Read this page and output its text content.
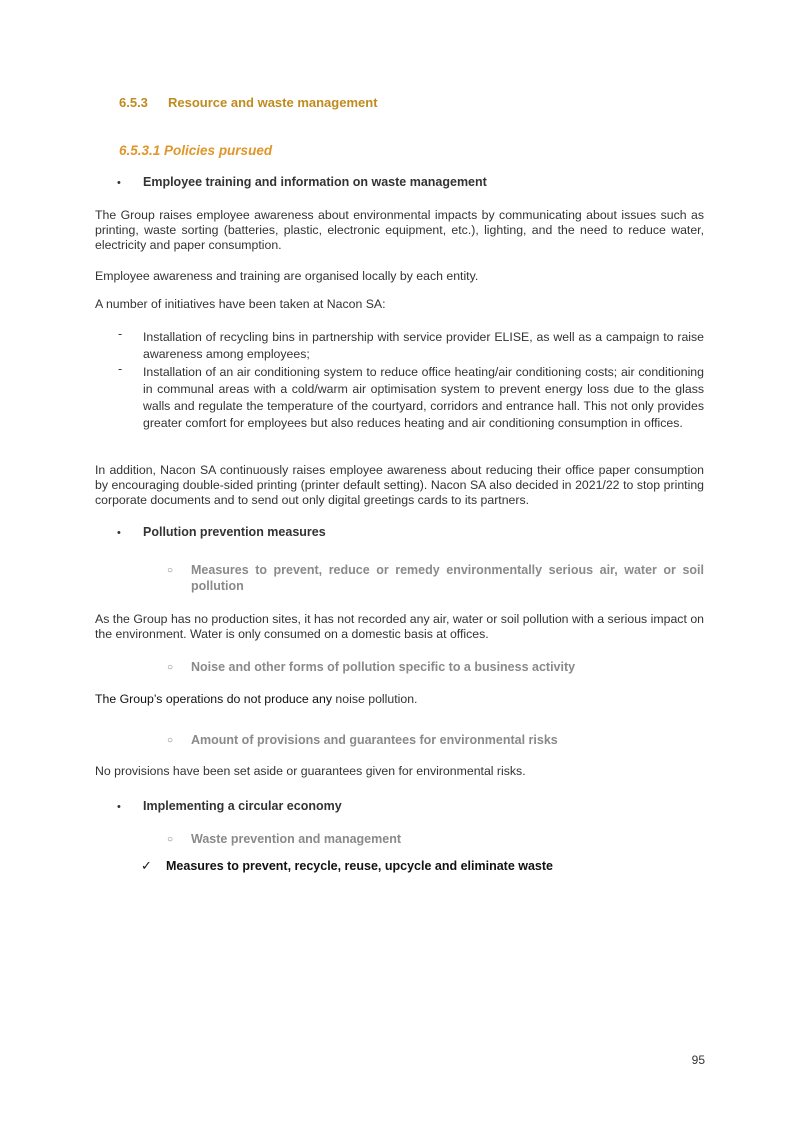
6.5.3 Resource and waste management
6.5.3.1 Policies pursued
• Employee training and information on waste management
The Group raises employee awareness about environmental impacts by communicating about issues such as printing, waste sorting (batteries, plastic, electronic equipment, etc.), lighting, and the need to reduce water, electricity and paper consumption.
Employee awareness and training are organised locally by each entity.
A number of initiatives have been taken at Nacon SA:
- Installation of recycling bins in partnership with service provider ELISE, as well as a campaign to raise awareness among employees;
- Installation of an air conditioning system to reduce office heating/air conditioning costs; air conditioning in communal areas with a cold/warm air optimisation system to prevent energy loss due to the glass walls and regulate the temperature of the courtyard, corridors and entrance hall. This not only provides greater comfort for employees but also reduces heating and air conditioning consumption in offices.
In addition, Nacon SA continuously raises employee awareness about reducing their office paper consumption by encouraging double-sided printing (printer default setting). Nacon SA also decided in 2021/22 to stop printing corporate documents and to send out only digital greetings cards to its partners.
• Pollution prevention measures
○ Measures to prevent, reduce or remedy environmentally serious air, water or soil pollution
As the Group has no production sites, it has not recorded any air, water or soil pollution with a serious impact on the environment. Water is only consumed on a domestic basis at offices.
○ Noise and other forms of pollution specific to a business activity
The Group’s operations do not produce any noise pollution.
○ Amount of provisions and guarantees for environmental risks
No provisions have been set aside or guarantees given for environmental risks.
• Implementing a circular economy
○ Waste prevention and management
✓ Measures to prevent, recycle, reuse, upcycle and eliminate waste
95
